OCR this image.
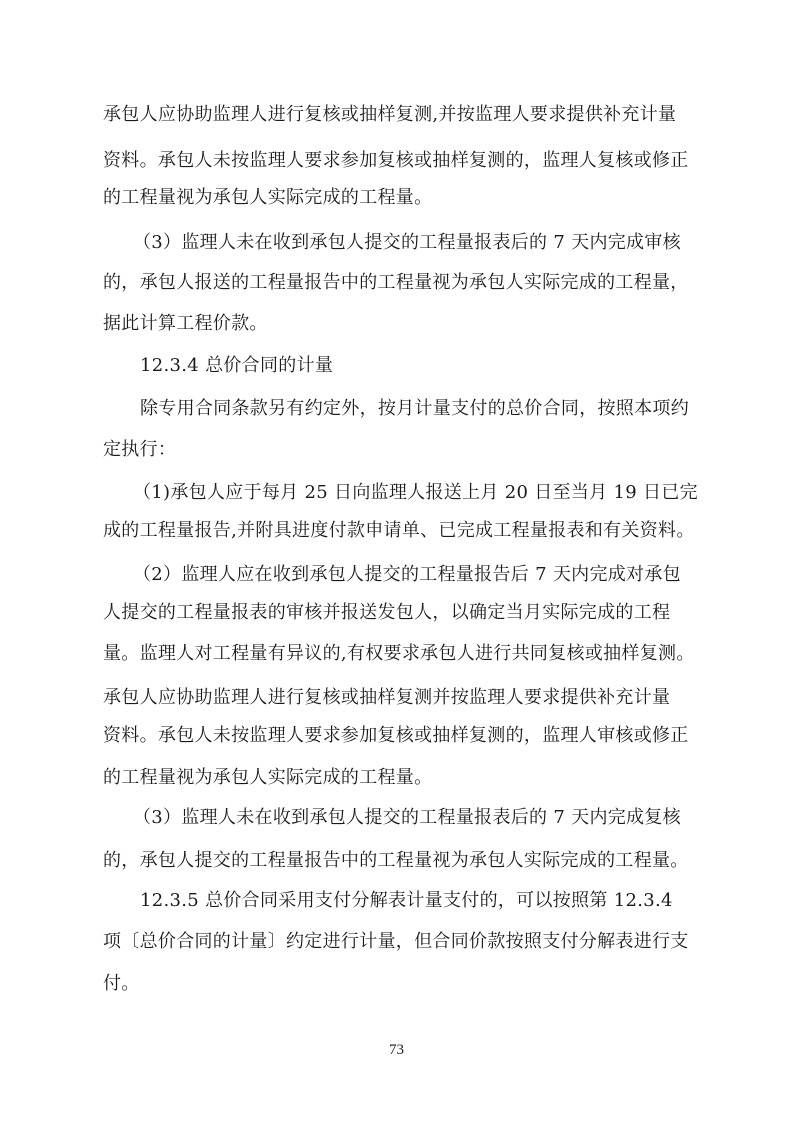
承包人应协助监理人进行复核或抽样复测,并按监理人要求提供补充计量
资料。承包人未按监理人要求参加复核或抽样复测的，监理人复核或修正
的工程量视为承包人实际完成的工程量。
（3）监理人未在收到承包人提交的工程量报表后的 7 天内完成审核
的，承包人报送的工程量报告中的工程量视为承包人实际完成的工程量，
据此计算工程价款。
12.3.4 总价合同的计量
除专用合同条款另有约定外，按月计量支付的总价合同，按照本项约
定执行：
（1)承包人应于每月 25 日向监理人报送上月 20 日至当月 19 日已完
成的工程量报告,并附具进度付款申请单、已完成工程量报表和有关资料。
（2）监理人应在收到承包人提交的工程量报告后 7 天内完成对承包
人提交的工程量报表的审核并报送发包人，以确定当月实际完成的工程
量。监理人对工程量有异议的,有权要求承包人进行共同复核或抽样复测。
承包人应协助监理人进行复核或抽样复测并按监理人要求提供补充计量
资料。承包人未按监理人要求参加复核或抽样复测的，监理人审核或修正
的工程量视为承包人实际完成的工程量。
（3）监理人未在收到承包人提交的工程量报表后的 7 天内完成复核
的，承包人提交的工程量报告中的工程量视为承包人实际完成的工程量。
12.3.5 总价合同采用支付分解表计量支付的，可以按照第 12.3.4
项〔总价合同的计量〕约定进行计量，但合同价款按照支付分解表进行支
付。
73
